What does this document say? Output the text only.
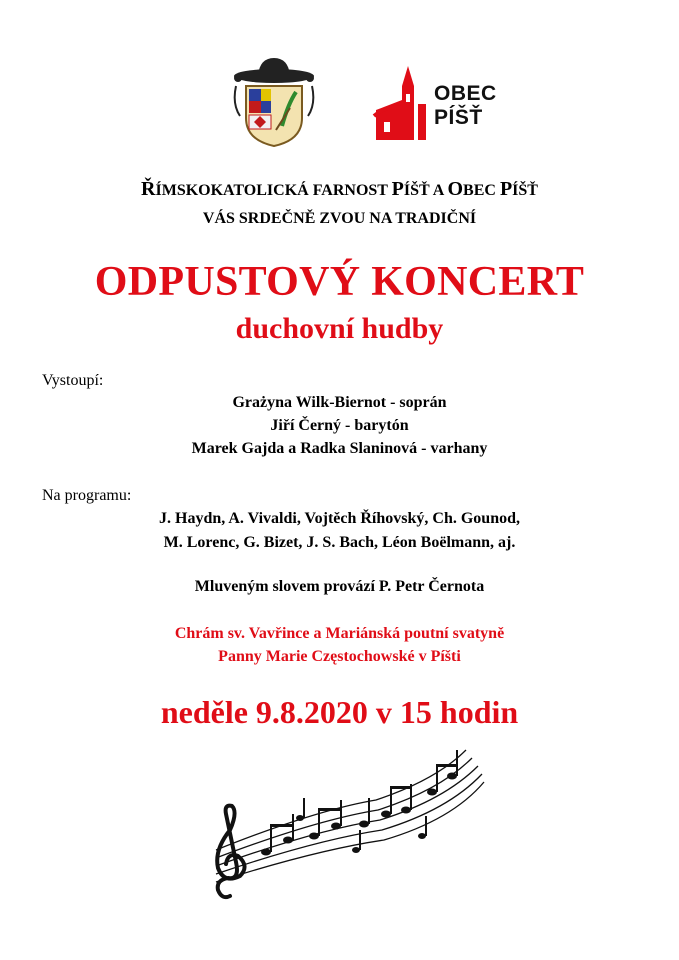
OBEC
PÍŠŤ
ŘÍMSKOKATOLICKÁ FARNOST PÍŠŤ A OBEC PÍŠŤ
VÁS SRDEČNĚ ZVOU NA TRADIČNÍ
ODPUSTOVÝ KONCERT
duchovní hudby
Vystoupí:
Grażyna Wilk-Biernot - soprán
Jiří Černý - barytón
Marek Gajda a Radka Slaninová - varhany
Na programu:
J. Haydn, A. Vivaldi, Vojtěch Říhovský, Ch. Gounod,
M. Lorenc, G. Bizet, J. S. Bach, Léon Boëlmann, aj.
Mluveným slovem provází P. Petr Černota
Chrám sv. Vavřince a Mariánská poutní svatyně
Panny Marie Częstochowské v Píšti
neděle 9.8.2020 v 15 hodin
